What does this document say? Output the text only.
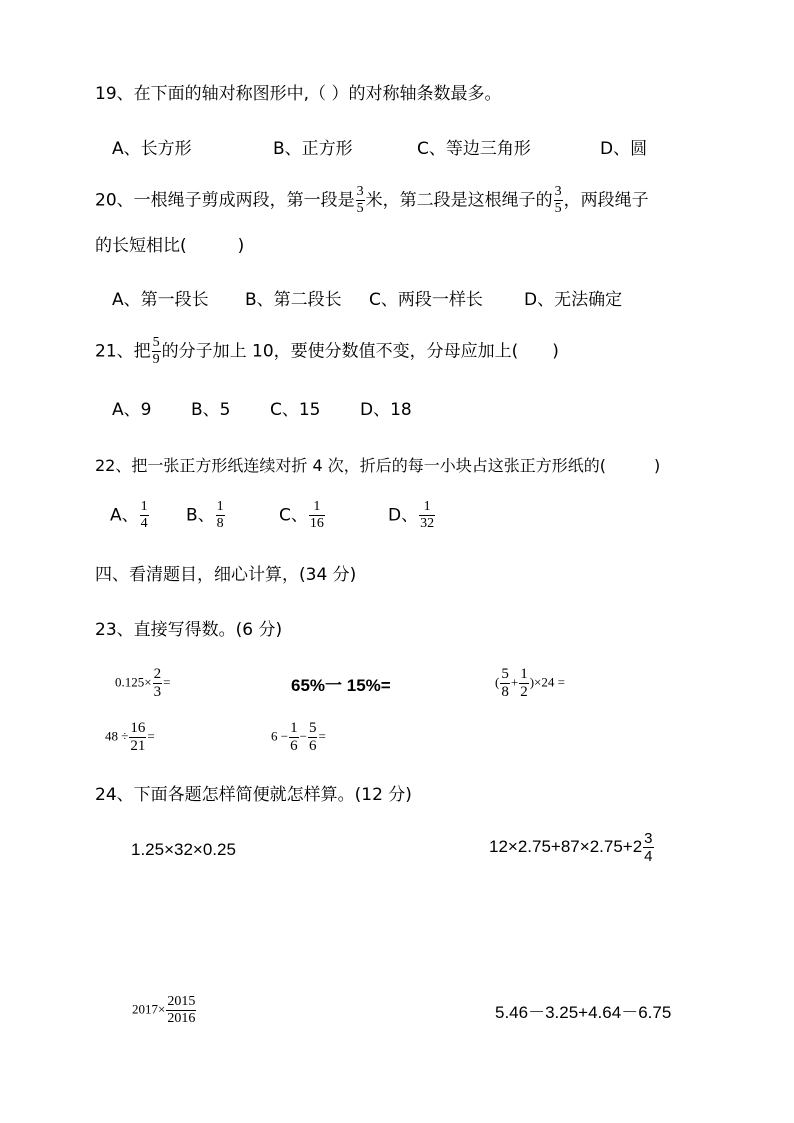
19、在下面的轴对称图形中,（ ）的对称轴条数最多。
A、长方形	B、正方形	C、等边三角形	D、圆
20、一根绳子剪成两段，第一段是 $\frac{3}{5}$ 米，第二段是这根绳子的 $\frac{3}{5}$ ，两段绳子
的长短相比(　　　)
A、第一段长 B、第二段长 C、两段一样长 D、无法确定
21、把 $\frac{5}{9}$ 的分子加上 10，要使分数值不变，分母应加上(　　)
A、9 B、5 C、15 D、18
22、把一张正方形纸连续对折 4 次，折后的每一小块占这张正方形纸的(　　　)
A、 $\frac{1}{4}$ B、 $\frac{1}{8}$	C、 $\frac{1}{16}$	D、 $\frac{1}{32}$
四、看清题目，细心计算，(34 分)
23、直接写得数。(6 分)
$0.125\times \frac{2}{3}$ =	65%一 15%=	( $\frac{5}{8} + \frac{1}{2} )\times 24$ =
$48 \div \frac{16}{21}$ =	$6 - \frac{1}{6} - \frac{5}{6}$ =
24、下面各题怎样简便就怎样算。(12 分)
1.25×32×0.25	$12\times 2.75+87\times 2.75+2 \frac{3}{4}$
$2017\times \frac{2015}{2016}$	5.46－3.25+4.64－6.75
